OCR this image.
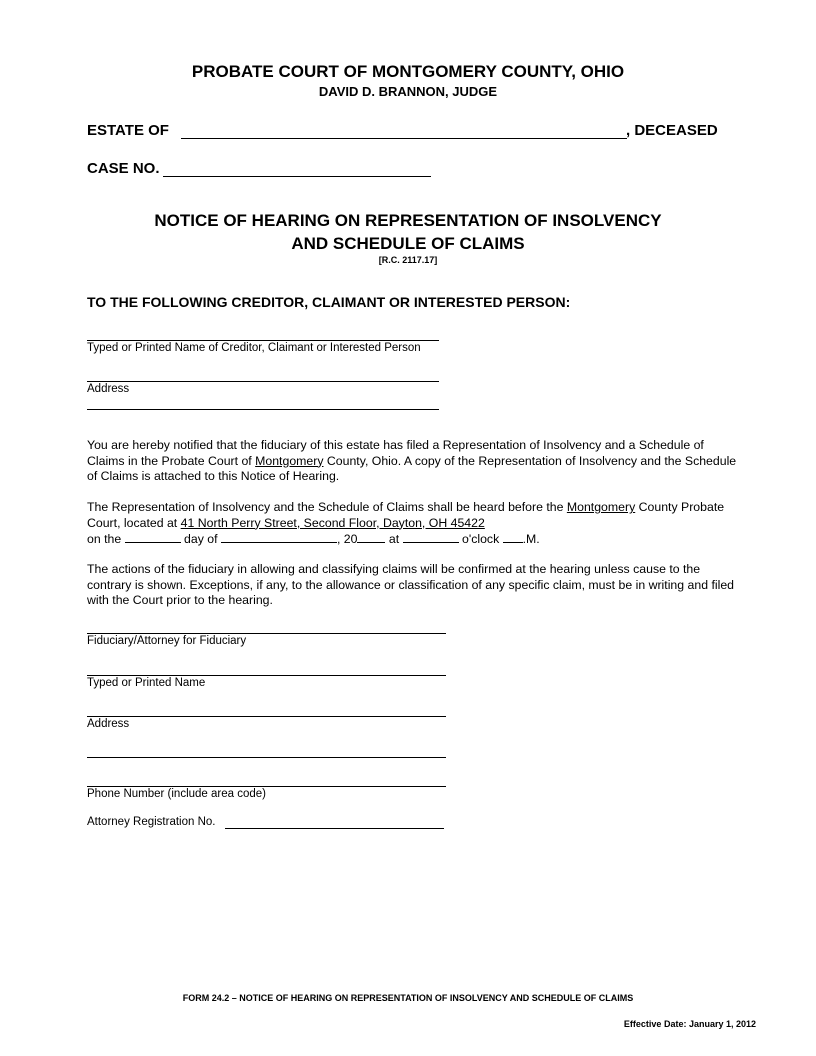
PROBATE COURT OF MONTGOMERY COUNTY, OHIO
DAVID D. BRANNON, JUDGE
ESTATE OF	, DECEASED
CASE NO.
NOTICE OF HEARING ON REPRESENTATION OF INSOLVENCY
AND SCHEDULE OF CLAIMS
[R.C. 2117.17]
TO THE FOLLOWING CREDITOR, CLAIMANT OR INTERESTED PERSON:
Typed or Printed Name of Creditor, Claimant or Interested Person
Address
You are hereby notified that the fiduciary of this estate has filed a Representation of Insolvency and a Schedule of Claims in the Probate Court of Montgomery County, Ohio. A copy of the Representation of Insolvency and the Schedule of Claims is attached to this Notice of Hearing.
The Representation of Insolvency and the Schedule of Claims shall be heard before the Montgomery County Probate Court, located at 41 North Perry Street, Second Floor, Dayton, OH 45422
on the	day of	, 20	at	o'clock .M.
The actions of the fiduciary in allowing and classifying claims will be confirmed at the hearing unless cause to the contrary is shown. Exceptions, if any, to the allowance or classification of any specific claim, must be in writing and filed with the Court prior to the hearing.
Fiduciary/Attorney for Fiduciary
Typed or Printed Name
Address
Phone Number (include area code)
Attorney Registration No.
FORM 24.2 – NOTICE OF HEARING ON REPRESENTATION OF INSOLVENCY AND SCHEDULE OF CLAIMS
Effective Date: January 1, 2012
